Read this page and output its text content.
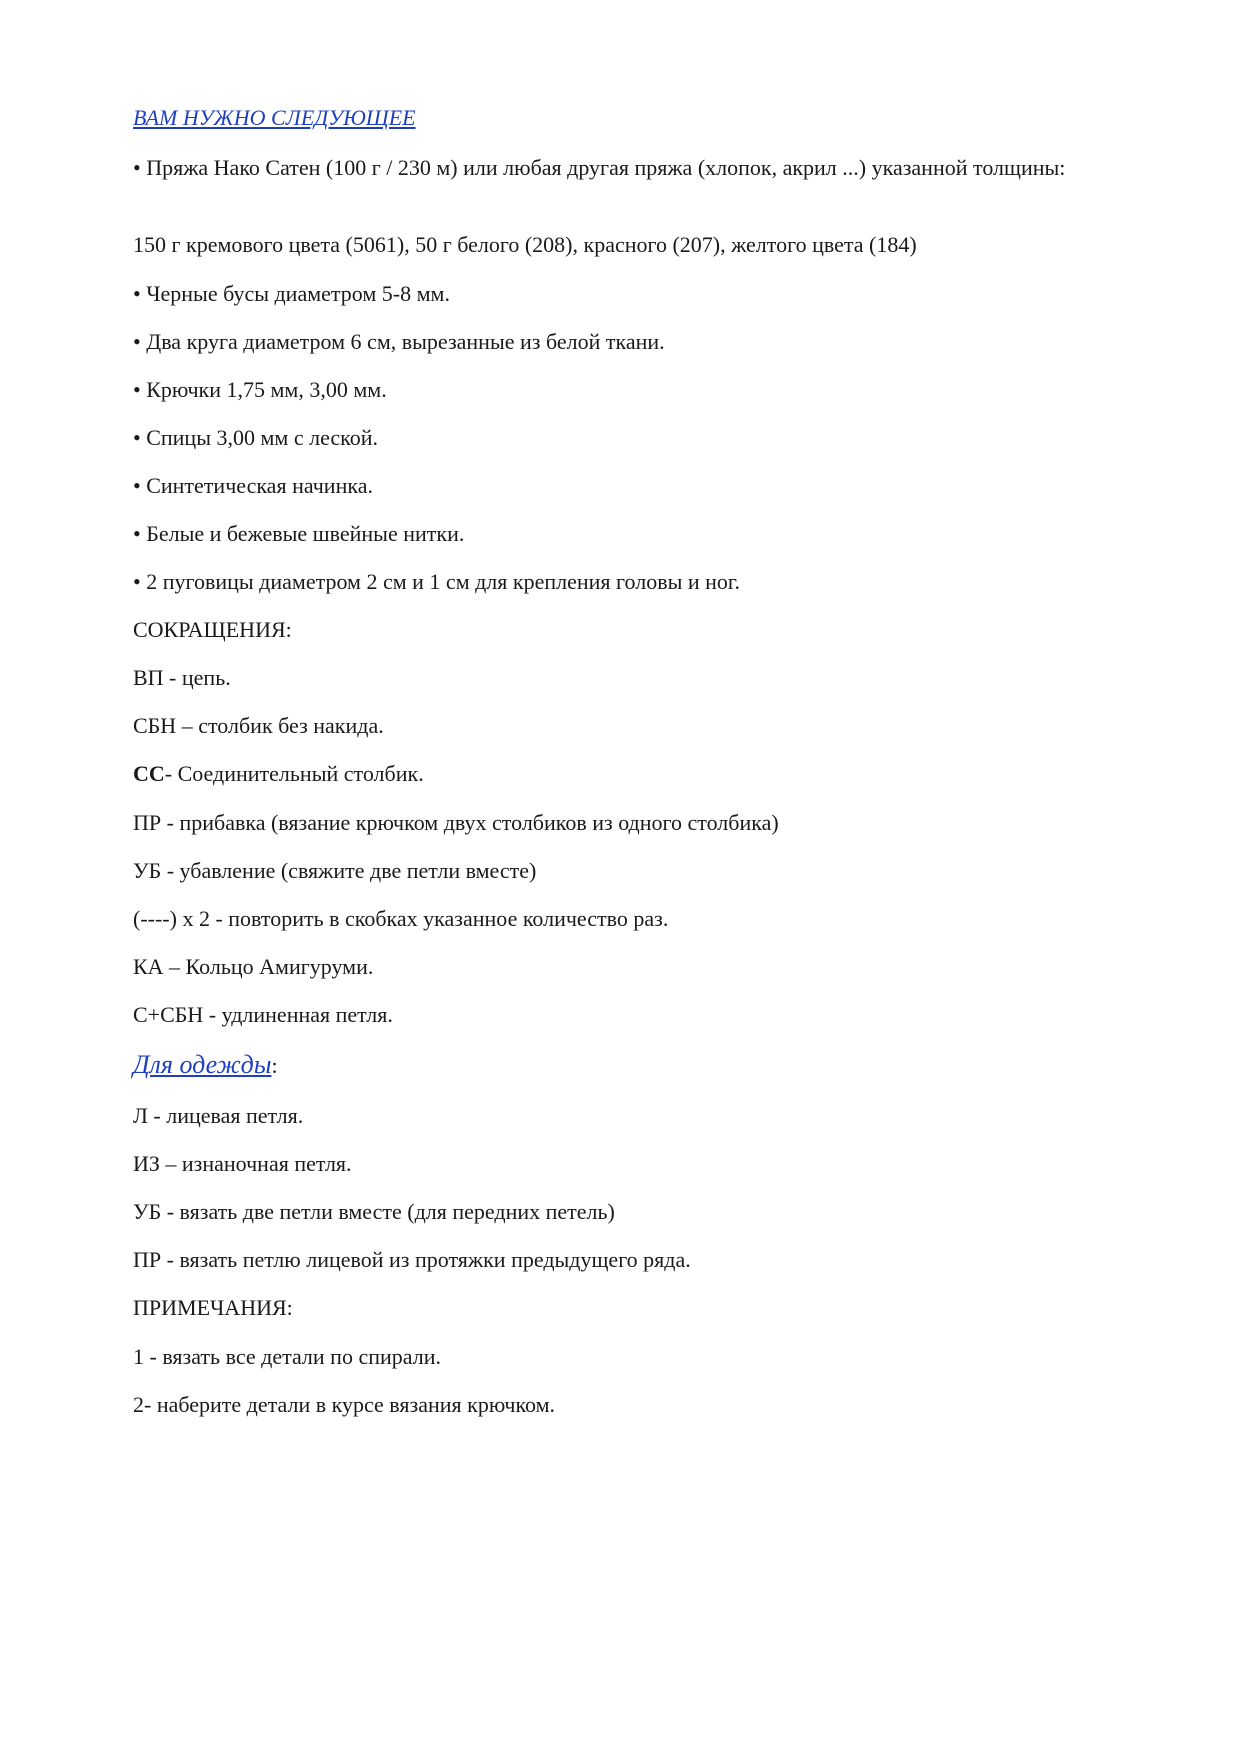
ВАМ НУЖНО СЛЕДУЮЩЕЕ

• Пряжа Нако Сатен (100 г / 230 м) или любая другая пряжа (хлопок, акрил ...) указанной толщины:

150 г кремового цвета (5061), 50 г белого (208), красного (207), желтого цвета (184)

• Черные бусы диаметром 5-8 мм.

• Два круга диаметром 6 см, вырезанные из белой ткани.

• Крючки 1,75 мм, 3,00 мм.

• Спицы 3,00 мм с леской.

• Синтетическая начинка.

• Белые и бежевые швейные нитки.

• 2 пуговицы диаметром 2 см и 1 см для крепления головы и ног.

СОКРАЩЕНИЯ:

ВП - цепь.

СБН – столбик без накида.

СС- Соединительный столбик.

ПР - прибавка (вязание крючком двух столбиков из одного столбика)

УБ - убавление (свяжите две петли вместе)

(----) x 2 - повторить в скобках указанное количество раз.

КА – Кольцо Амигуруми.

С+СБН - удлиненная петля.

Для одежды:

Л - лицевая петля.

ИЗ – изнаночная петля.

УБ - вязать две петли вместе (для передних петель)

ПР - вязать петлю лицевой из протяжки предыдущего ряда.

ПРИМЕЧАНИЯ:

1 - вязать все детали по спирали.

2- наберите детали в курсе вязания крючком.
